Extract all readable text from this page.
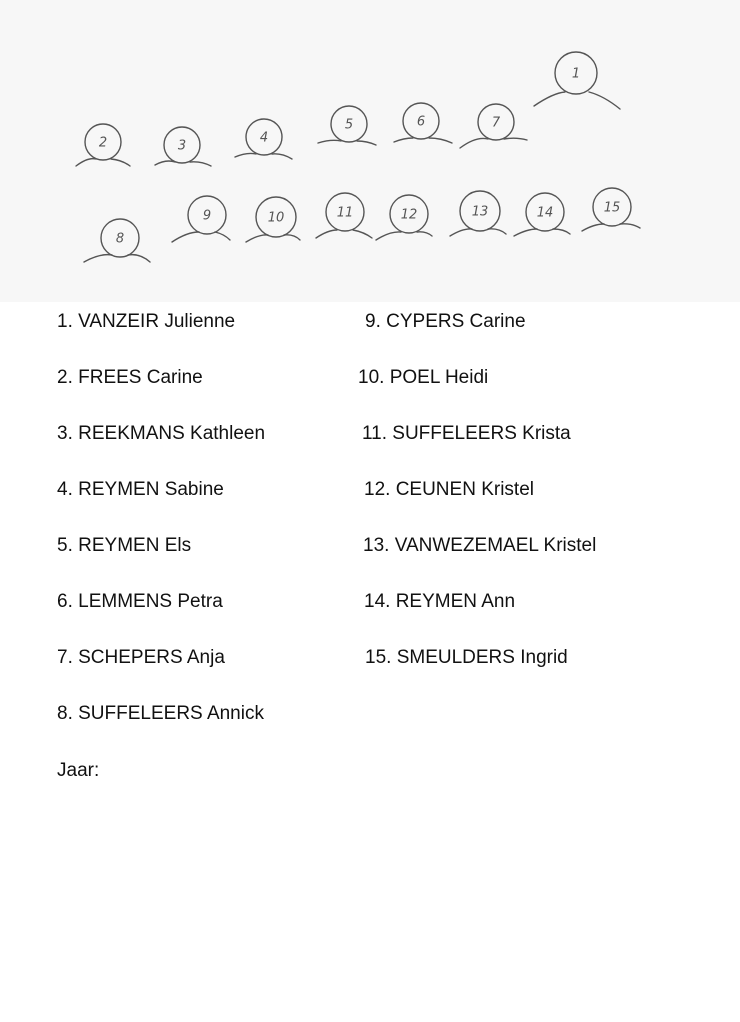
1
2	3
4
5	6	7
8
9	10	11	12	13	14	15
1. VANZEIR Julienne
2. FREES Carine
3. REEKMANS Kathleen
4. REYMEN Sabine
5. REYMEN Els
6. LEMMENS Petra
7. SCHEPERS Anja
8. SUFFELEERS Annick
9. CYPERS Carine
10. POEL Heidi
11. SUFFELEERS Krista
12. CEUNEN Kristel
13. VANWEZEMAEL Kristel
14. REYMEN Ann
15. SMEULDERS Ingrid
Jaar:
